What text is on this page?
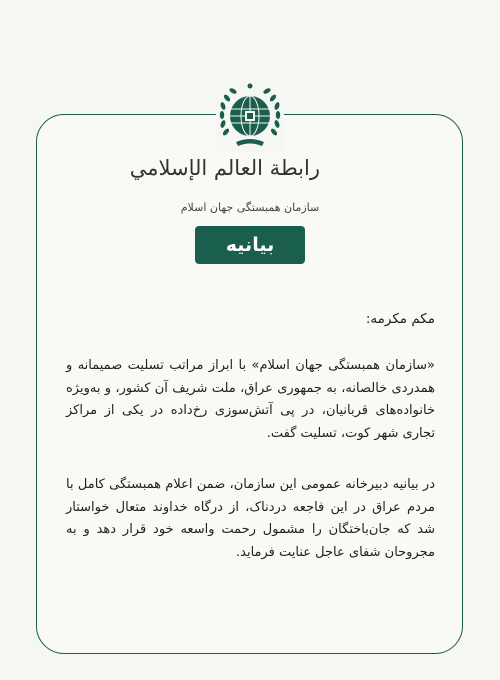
رابطة العالم الإسلامي
سازمان همبستگی جهان اسلام
بیانیه
مکم مکرمه:

«سازمان همبستگی جهان اسلام» با ابراز مراتب تسلیت صمیمانه و همدردی خالصانه، به جمهوری عراق، ملت شریف آن کشور، و به‌ویژه خانواده‌های قربانیان، در پی آتش‌سوزی رخ‌داده در یکی از مراکز تجاری شهر کوت، تسلیت گفت.

در بیانیه دبیرخانه عمومی این سازمان، ضمن اعلام همبستگی کامل با مردم عراق در این فاجعه دردناک، از درگاه خداوند متعال خواستار شد که جان‌باختگان را مشمول رحمت واسعه خود قرار دهد و به مجروحان شفای عاجل عنایت فرماید.
